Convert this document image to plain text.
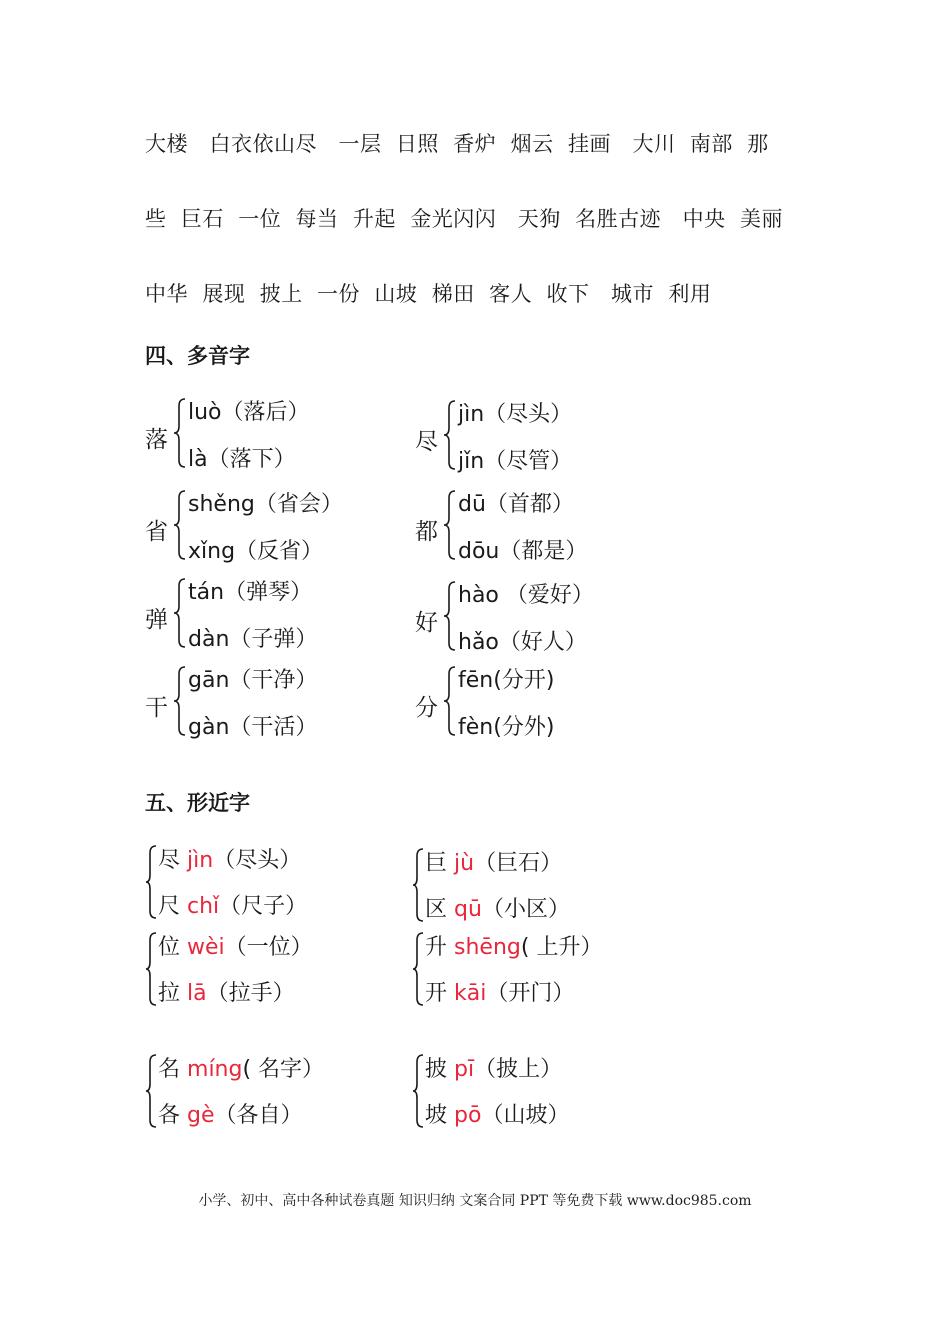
大楼   白衣依山尽   一层  日照  香炉  烟云  挂画   大川  南部  那
些  巨石  一位  每当  升起  金光闪闪   天狗  名胜古迹   中央  美丽
中华  展现  披上  一份  山坡  梯田  客人  收下   城市  利用
四、多音字
落
luò（落后）
là（落下）
尽
jìn（尽头）
jǐn（尽管）
省
shěng（省会）
xǐng（反省）
都
dū（首都）
dōu（都是）
弹
tán（弹琴）
dàn（子弹）
好
hào （爱好）
hǎo（好人）
干
gān（干净）
gàn（干活）
分
fēn(分开)
fèn(分外)
五、形近字
尽 jìn（尽头）
尺 chǐ（尺子）
巨 jù（巨石）
区 qū（小区）
位 wèi（一位）
拉 lā（拉手）
升 shēng( 上升）
开 kāi（开门）
名 míng( 名字）
各 gè（各自）
披 pī（披上）
坡 pō（山坡）
小学、初中、高中各种试卷真题 知识归纳 文案合同 PPT 等免费下载 www.doc985.com
